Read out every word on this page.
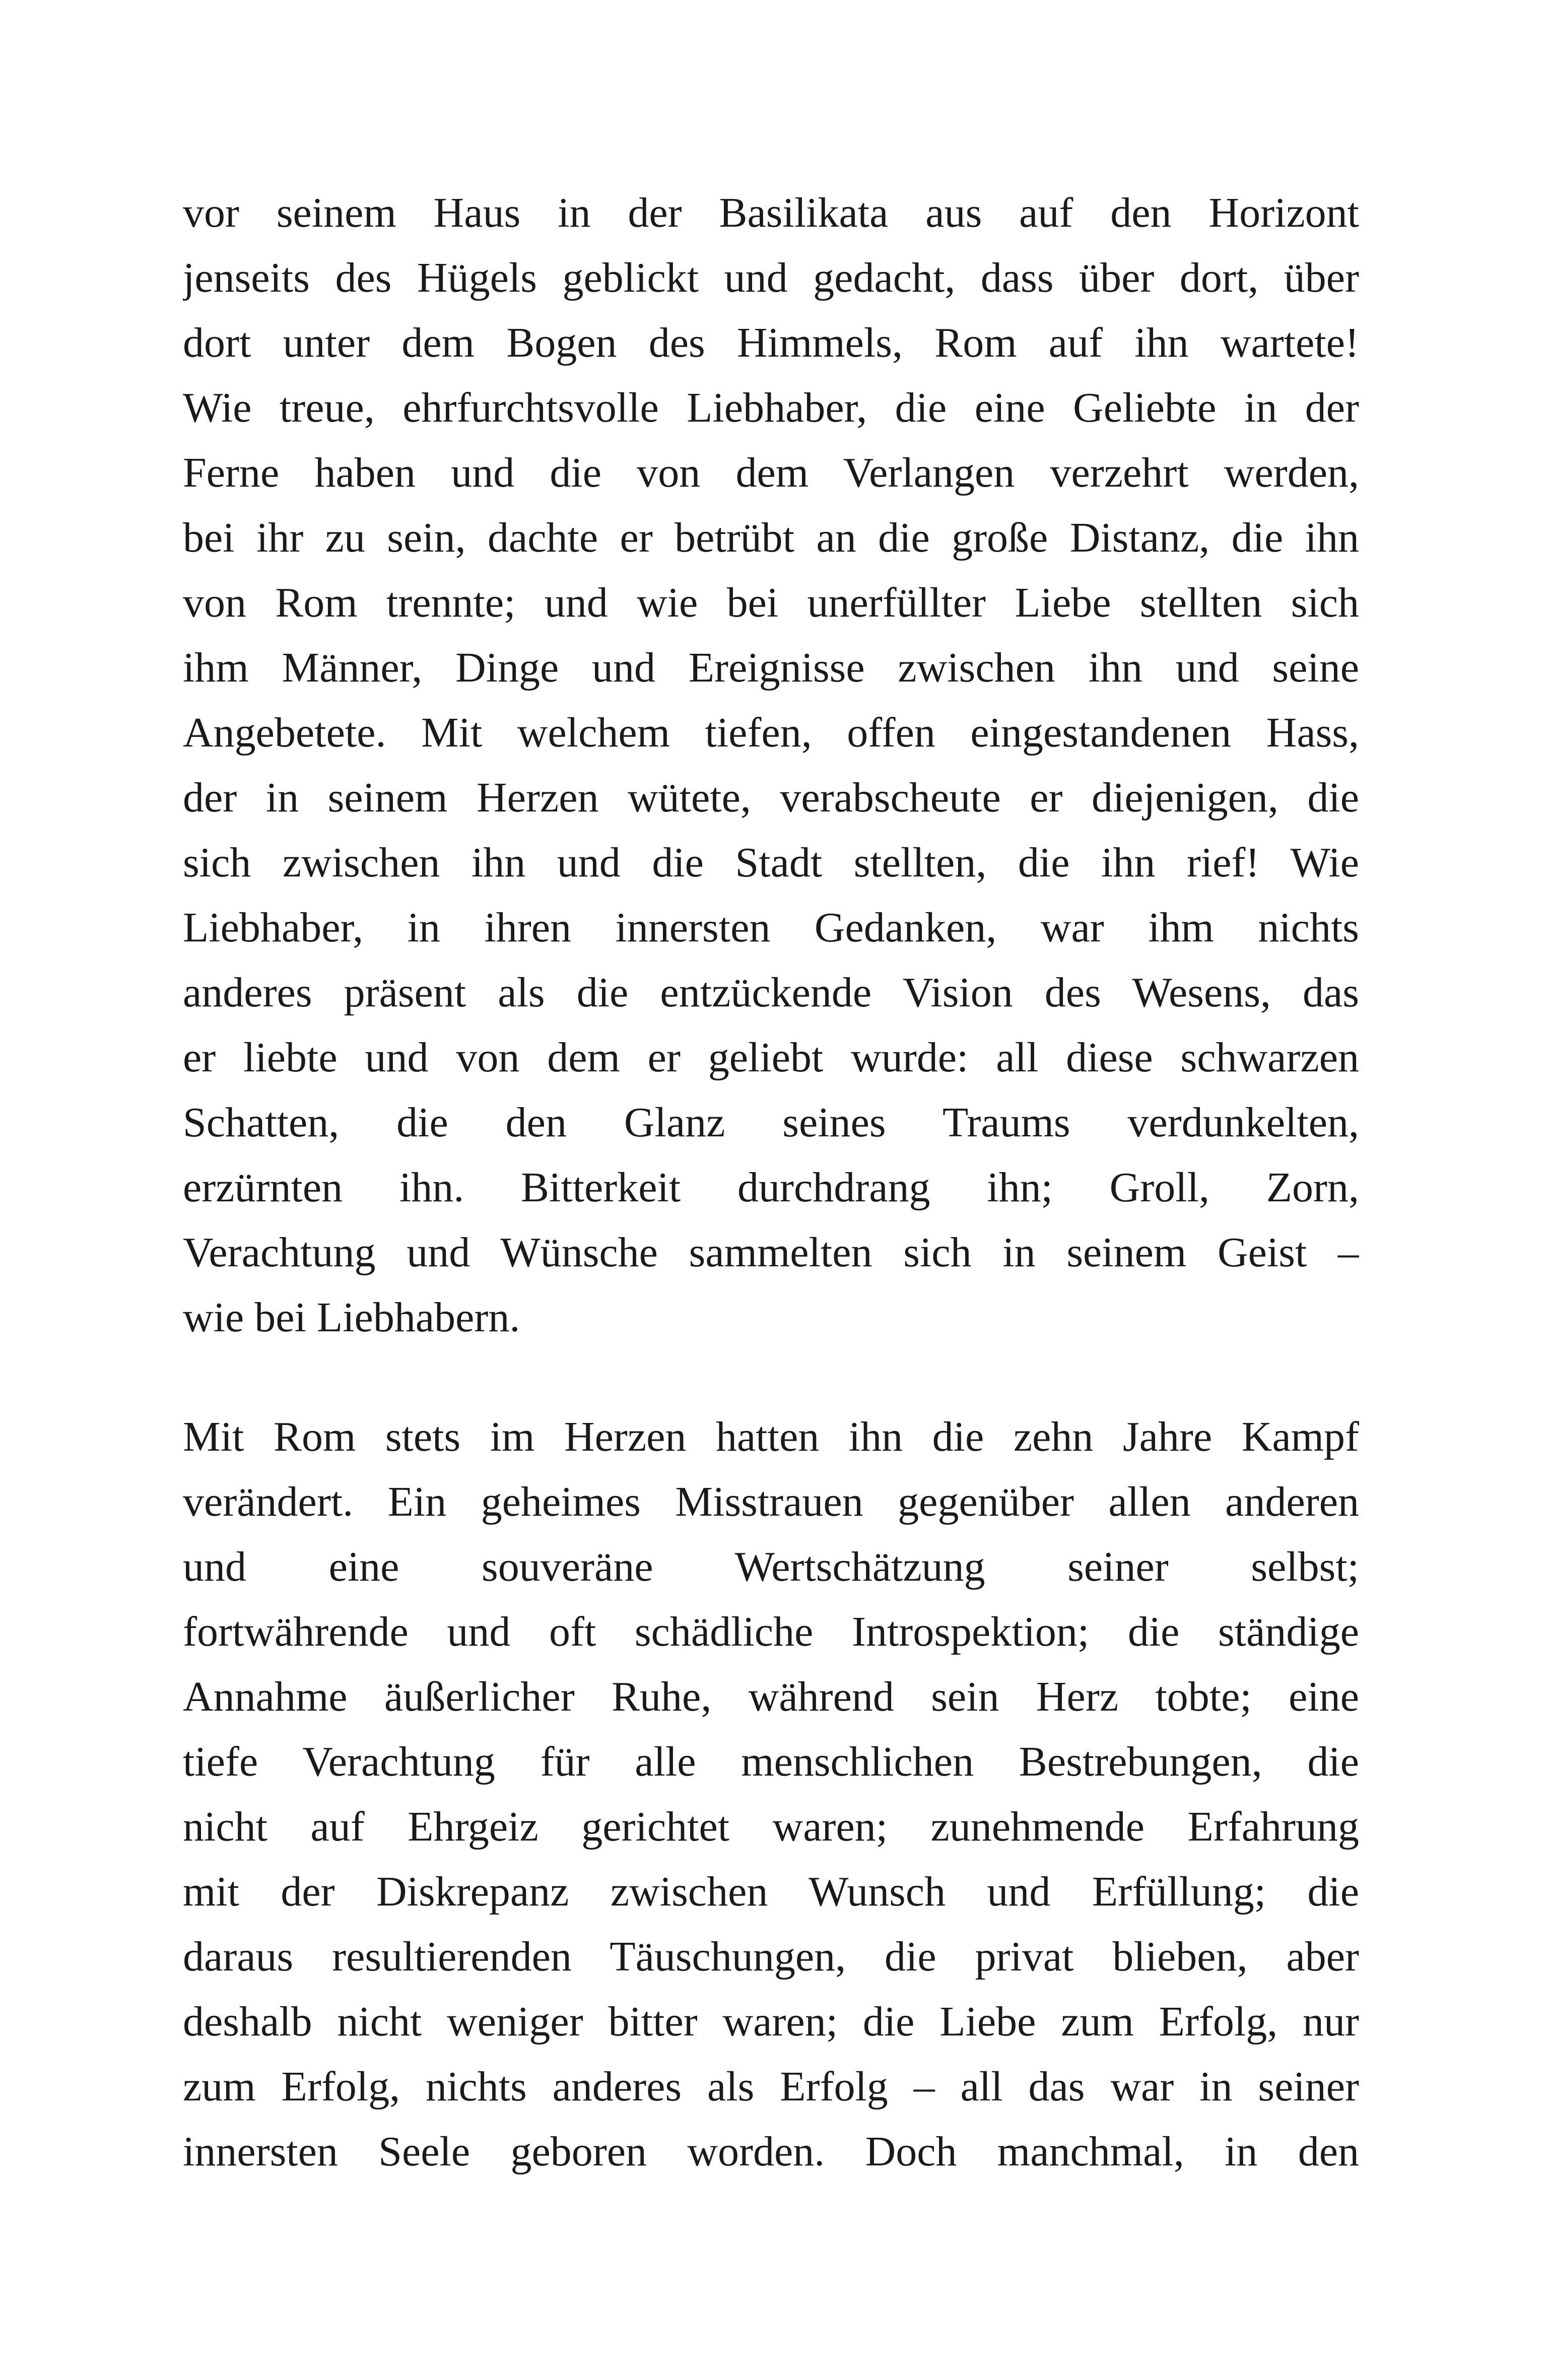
vor seinem Haus in der Basilikata aus auf den Horizont
jenseits des Hügels geblickt und gedacht, dass über dort, über
dort unter dem Bogen des Himmels, Rom auf ihn wartete!
Wie treue, ehrfurchtsvolle Liebhaber, die eine Geliebte in der
Ferne haben und die von dem Verlangen verzehrt werden,
bei ihr zu sein, dachte er betrübt an die große Distanz, die ihn
von Rom trennte; und wie bei unerfüllter Liebe stellten sich
ihm Männer, Dinge und Ereignisse zwischen ihn und seine
Angebetete. Mit welchem tiefen, offen eingestandenen Hass,
der in seinem Herzen wütete, verabscheute er diejenigen, die
sich zwischen ihn und die Stadt stellten, die ihn rief! Wie
Liebhaber, in ihren innersten Gedanken, war ihm nichts
anderes präsent als die entzückende Vision des Wesens, das
er liebte und von dem er geliebt wurde: all diese schwarzen
Schatten, die den Glanz seines Traums verdunkelten,
erzürnten ihn. Bitterkeit durchdrang ihn; Groll, Zorn,
Verachtung und Wünsche sammelten sich in seinem Geist –
wie bei Liebhabern.
Mit Rom stets im Herzen hatten ihn die zehn Jahre Kampf
verändert. Ein geheimes Misstrauen gegenüber allen anderen
und eine souveräne Wertschätzung seiner selbst;
fortwährende und oft schädliche Introspektion; die ständige
Annahme äußerlicher Ruhe, während sein Herz tobte; eine
tiefe Verachtung für alle menschlichen Bestrebungen, die
nicht auf Ehrgeiz gerichtet waren; zunehmende Erfahrung
mit der Diskrepanz zwischen Wunsch und Erfüllung; die
daraus resultierenden Täuschungen, die privat blieben, aber
deshalb nicht weniger bitter waren; die Liebe zum Erfolg, nur
zum Erfolg, nichts anderes als Erfolg – all das war in seiner
innersten Seele geboren worden. Doch manchmal, in den
